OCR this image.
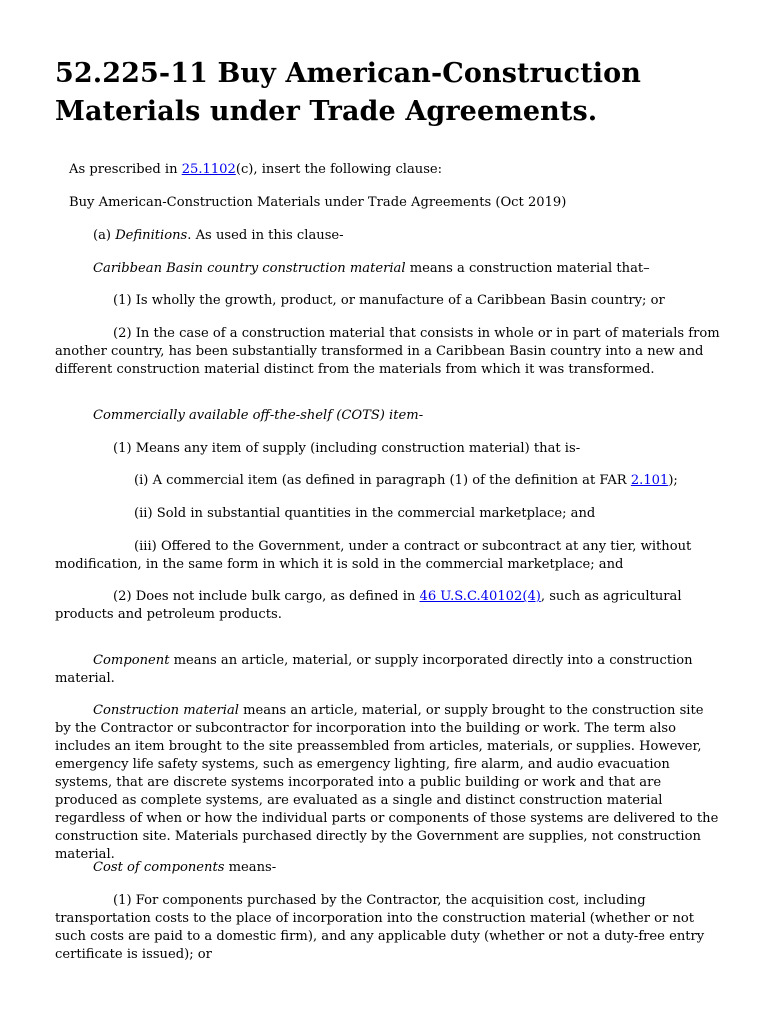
52.225-11 Buy American-Construction Materials under Trade Agreements.

As prescribed in 25.1102(c), insert the following clause:

Buy American-Construction Materials under Trade Agreements (Oct 2019)

(a) Definitions. As used in this clause-

Caribbean Basin country construction material means a construction material that–

(1) Is wholly the growth, product, or manufacture of a Caribbean Basin country; or

(2) In the case of a construction material that consists in whole or in part of materials from another country, has been substantially transformed in a Caribbean Basin country into a new and different construction material distinct from the materials from which it was transformed.

Commercially available off-the-shelf (COTS) item-

(1) Means any item of supply (including construction material) that is-

(i) A commercial item (as defined in paragraph (1) of the definition at FAR 2.101);

(ii) Sold in substantial quantities in the commercial marketplace; and

(iii) Offered to the Government, under a contract or subcontract at any tier, without modification, in the same form in which it is sold in the commercial marketplace; and

(2) Does not include bulk cargo, as defined in 46 U.S.C.40102(4), such as agricultural products and petroleum products.

Component means an article, material, or supply incorporated directly into a construction material.

Construction material means an article, material, or supply brought to the construction site by the Contractor or subcontractor for incorporation into the building or work. The term also includes an item brought to the site preassembled from articles, materials, or supplies. However, emergency life safety systems, such as emergency lighting, fire alarm, and audio evacuation systems, that are discrete systems incorporated into a public building or work and that are produced as complete systems, are evaluated as a single and distinct construction material regardless of when or how the individual parts or components of those systems are delivered to the construction site. Materials purchased directly by the Government are supplies, not construction material.

Cost of components means-

(1) For components purchased by the Contractor, the acquisition cost, including transportation costs to the place of incorporation into the construction material (whether or not such costs are paid to a domestic firm), and any applicable duty (whether or not a duty-free entry certificate is issued); or
